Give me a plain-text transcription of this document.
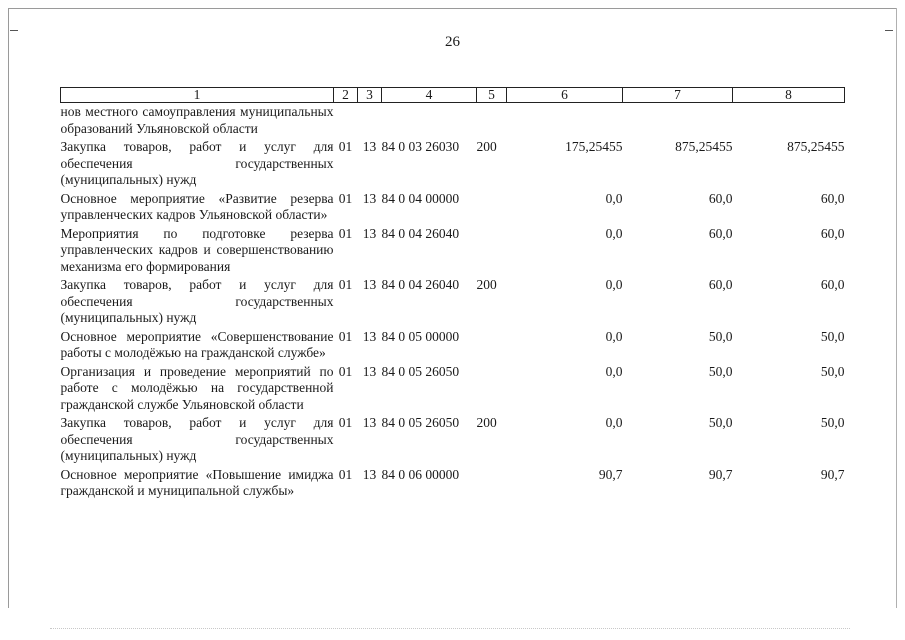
26
1	2	3	4	5	6	7	8
нов местного самоуправления муниципальных образований Ульяновской области							
Закупка товаров, работ и услуг для обеспечения государственных (муниципальных) нужд	01	13	84 0 03 26030	200	175,25455	875,25455	875,25455
Основное мероприятие «Развитие резерва управленческих кадров Ульяновской области»	01	13	84 0 04 00000		0,0	60,0	60,0
Мероприятия по подготовке резерва управленческих кадров и совершенствованию механизма его формирования	01	13	84 0 04 26040		0,0	60,0	60,0
Закупка товаров, работ и услуг для обеспечения государственных (муниципальных) нужд	01	13	84 0 04 26040	200	0,0	60,0	60,0
Основное мероприятие «Совершенствование работы с молодёжью на гражданской службе»	01	13	84 0 05 00000		0,0	50,0	50,0
Организация и проведение мероприятий по работе с молодёжью на государственной гражданской службе Ульяновской области	01	13	84 0 05 26050		0,0	50,0	50,0
Закупка товаров, работ и услуг для обеспечения государственных (муниципальных) нужд	01	13	84 0 05 26050	200	0,0	50,0	50,0
Основное мероприятие «Повышение имиджа гражданской и муниципальной службы»	01	13	84 0 06 00000		90,7	90,7	90,7
